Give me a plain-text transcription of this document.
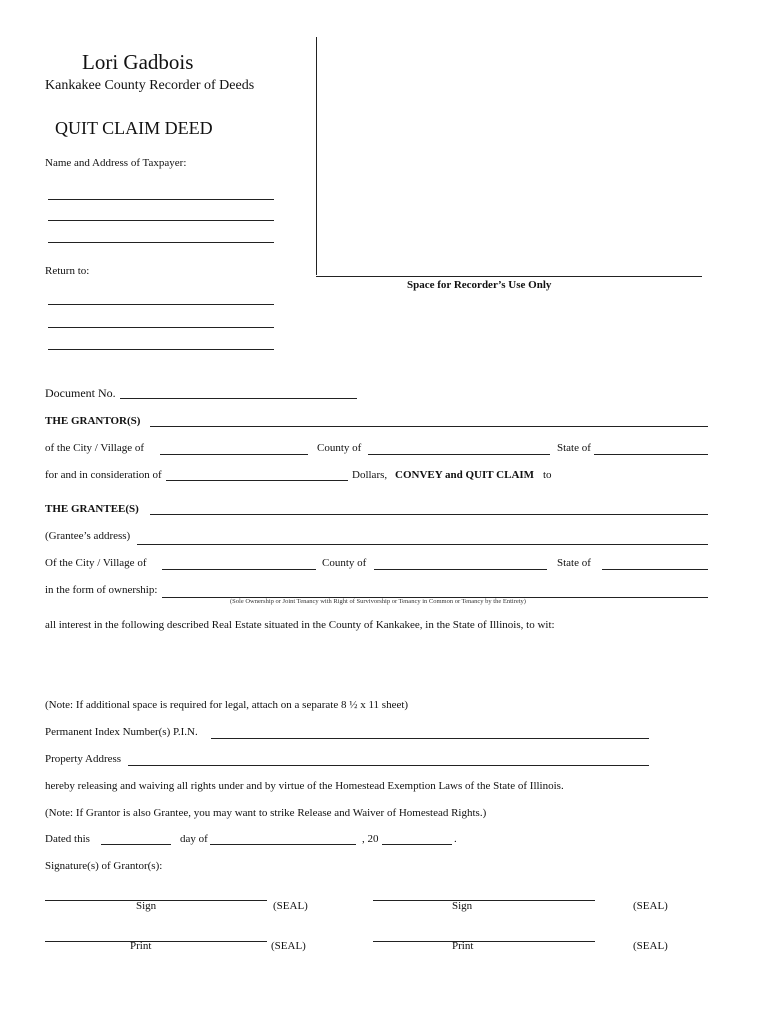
Lori Gadbois
Kankakee County Recorder of Deeds
QUIT CLAIM DEED
Space for Recorder’s Use Only
Name and Address of Taxpayer:
Return to:
Document No.
THE GRANTOR(S)
of the City / Village of	County of	State of
for and in consideration of	Dollars, CONVEY and QUIT CLAIM to
THE GRANTEE(S)
(Grantee’s address)
Of the City / Village of	County of	State of
in the form of ownership:
(Sole Ownership or Joint Tenancy with Right of Survivorship or Tenancy in Common or Tenancy by the Entirety)
all interest in the following described Real Estate situated in the County of Kankakee, in the State of Illinois, to wit:
(Note: If additional space is required for legal, attach on a separate 8 ½ x 11 sheet)
Permanent Index Number(s) P.I.N.
Property Address
hereby releasing and waiving all rights under and by virtue of the Homestead Exemption Laws of the State of Illinois.
(Note: If Grantor is also Grantee, you may want to strike Release and Waiver of Homestead Rights.)
Dated this	day of	, 20	.
Signature(s) of Grantor(s):
Sign	(SEAL)	Sign	(SEAL)
Print	(SEAL)	Print	(SEAL)
